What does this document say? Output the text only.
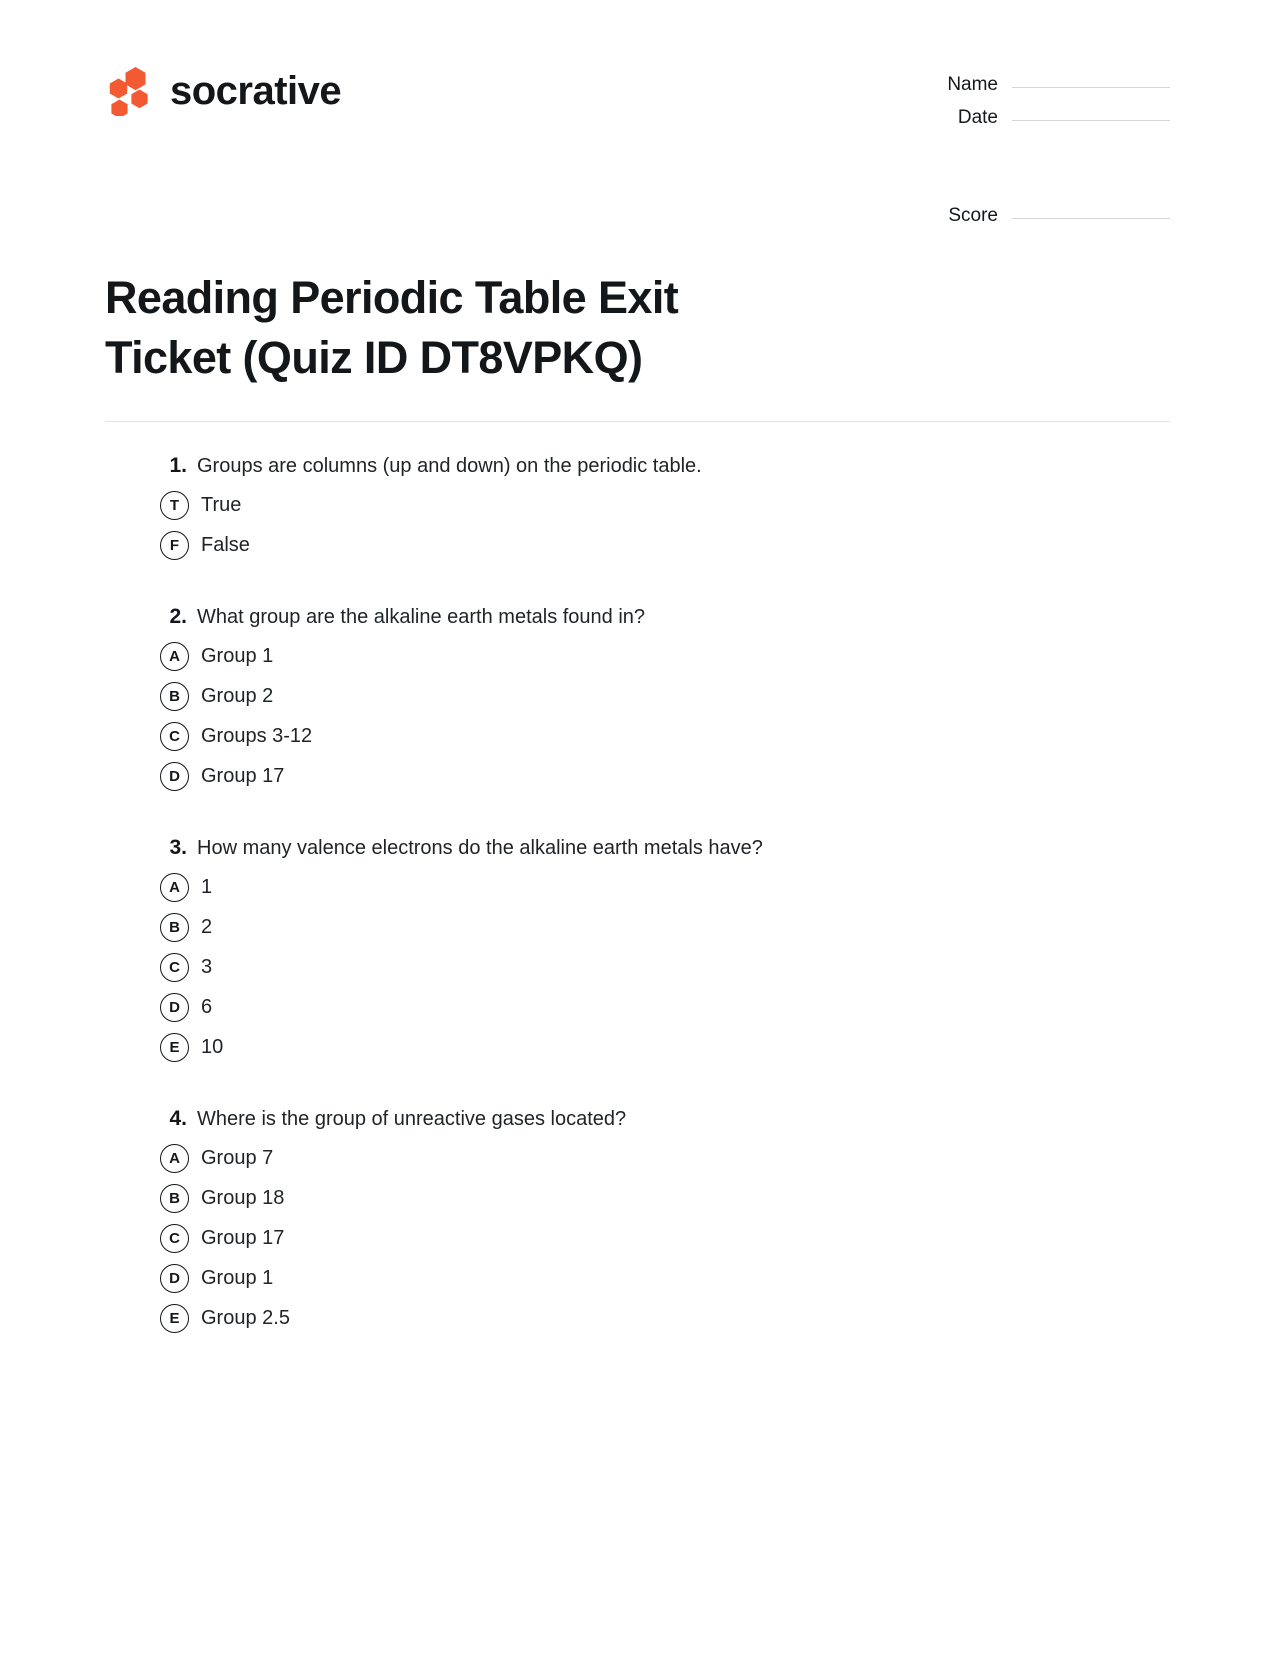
socrative	Name
Date
Score
Reading Periodic Table Exit Ticket (Quiz ID DT8VPKQ)
1. Groups are columns (up and down) on the periodic table.
T	True
F	False
2. What group are the alkaline earth metals found in?
A	Group 1
B	Group 2
C	Groups 3-12
D	Group 17
3. How many valence electrons do the alkaline earth metals have?
A	1
B	2
C	3
D	6
E	10
4. Where is the group of unreactive gases located?
A	Group 7
B	Group 18
C	Group 17
D	Group 1
E	Group 2.5
